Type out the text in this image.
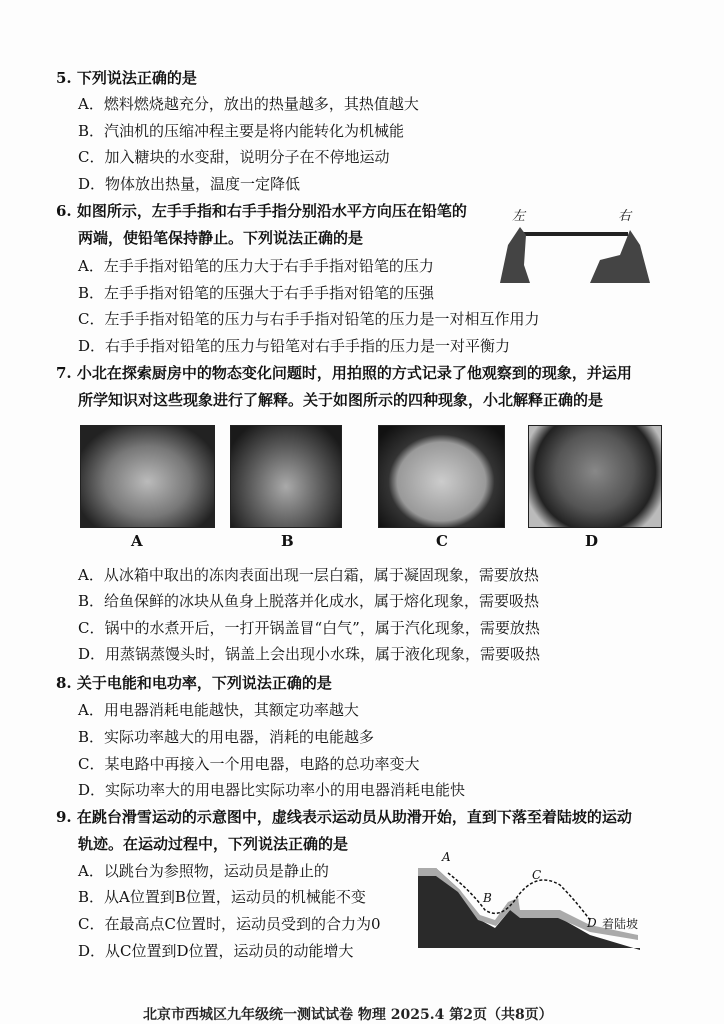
5. 下列说法正确的是
A．燃料燃烧越充分，放出的热量越多，其热值越大
B．汽油机的压缩冲程主要是将内能转化为机械能
C．加入糖块的水变甜，说明分子在不停地运动
D．物体放出热量，温度一定降低
6. 如图所示，左手手指和右手手指分别沿水平方向压在铅笔的
两端，使铅笔保持静止。下列说法正确的是
A．左手手指对铅笔的压力大于右手手指对铅笔的压力
B．左手手指对铅笔的压强大于右手手指对铅笔的压强
C．左手手指对铅笔的压力与右手手指对铅笔的压力是一对相互作用力
D．右手手指对铅笔的压力与铅笔对右手手指的压力是一对平衡力
左	右
7. 小北在探索厨房中的物态变化问题时，用拍照的方式记录了他观察到的现象，并运用
所学知识对这些现象进行了解释。关于如图所示的四种现象，小北解释正确的是
A	B	C	D
A．从冰箱中取出的冻肉表面出现一层白霜，属于凝固现象，需要放热
B．给鱼保鲜的冰块从鱼身上脱落并化成水，属于熔化现象，需要吸热
C．锅中的水煮开后，一打开锅盖冒“白气”，属于汽化现象，需要放热
D．用蒸锅蒸馒头时，锅盖上会出现小水珠，属于液化现象，需要吸热
8. 关于电能和电功率，下列说法正确的是
A．用电器消耗电能越快，其额定功率越大
B．实际功率越大的用电器，消耗的电能越多
C．某电路中再接入一个用电器，电路的总功率变大
D．实际功率大的用电器比实际功率小的用电器消耗电能快
9. 在跳台滑雪运动的示意图中，虚线表示运动员从助滑开始，直到下落至着陆坡的运动
轨迹。在运动过程中，下列说法正确的是
A．以跳台为参照物，运动员是静止的
B．从A位置到B位置，运动员的机械能不变
C．在最高点C位置时，运动员受到的合力为0
D．从C位置到D位置，运动员的动能增大
A
B
C
D 着陆坡
北京市西城区九年级统一测试试卷 物理 2025.4 第2页（共8页）
